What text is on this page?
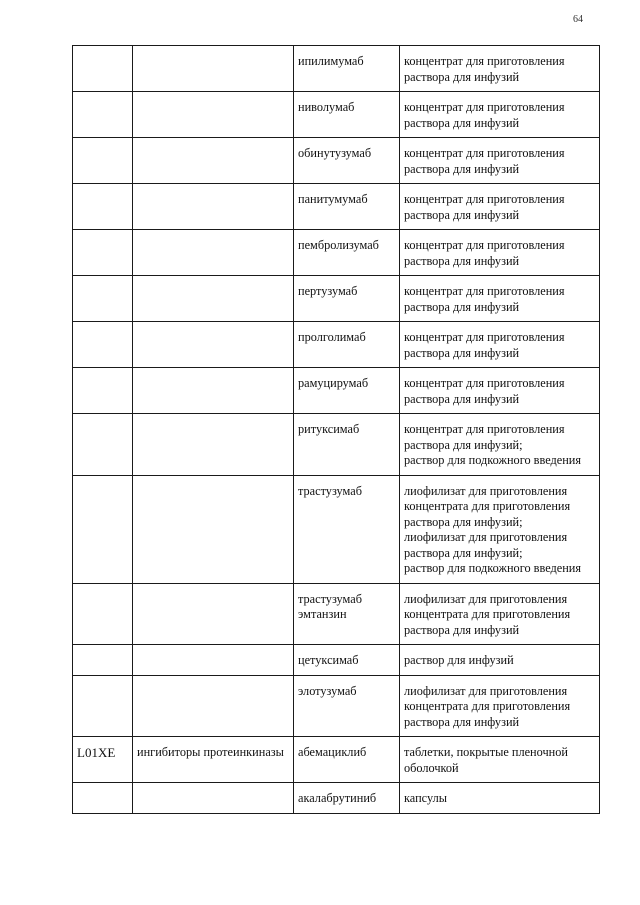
64

		ипилимумаб	концентрат для приготовления раствора для инфузий

		ниволумаб	концентрат для приготовления раствора для инфузий

		обинутузумаб	концентрат для приготовления раствора для инфузий

		панитумумаб	концентрат для приготовления раствора для инфузий

		пембролизумаб	концентрат для приготовления раствора для инфузий

		пертузумаб	концентрат для приготовления раствора для инфузий

		пролголимаб	концентрат для приготовления раствора для инфузий

		рамуцирумаб	концентрат для приготовления раствора для инфузий

		ритуксимаб	концентрат для приготовления раствора для инфузий;
раствор для подкожного введения

		трастузумаб	лиофилизат для приготовления концентрата для приготовления раствора для инфузий;
лиофилизат для приготовления раствора для инфузий;
раствор для подкожного введения

		трастузумаб эмтанзин	лиофилизат для приготовления концентрата для приготовления раствора для инфузий

		цетуксимаб	раствор для инфузий

		элотузумаб	лиофилизат для приготовления концентрата для приготовления раствора для инфузий

L01XE	ингибиторы протеинкиназы	абемациклиб	таблетки, покрытые пленочной оболочкой

		акалабрутиниб	капсулы
